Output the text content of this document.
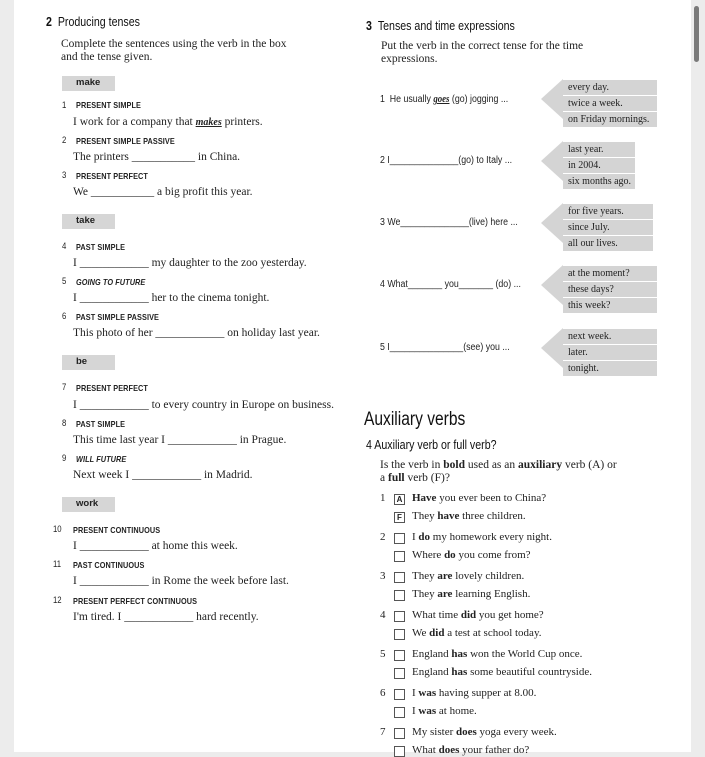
2 Producing tenses
Complete the sentences using the verb in the box
and the tense given.
make
1 PRESENT SIMPLE
I work for a company that makes printers.
2 PRESENT SIMPLE PASSIVE
The printers ___________ in China.
3 PRESENT PERFECT
We ___________ a big profit this year.
take
4 PAST SIMPLE
I ____________ my daughter to the zoo yesterday.
5 GOING TO FUTURE
I ____________ her to the cinema tonight.
6 PAST SIMPLE PASSIVE
This photo of her ____________ on holiday last year.
be
7 PRESENT PERFECT
I ____________ to every country in Europe on business.
8 PAST SIMPLE
This time last year I ____________ in Prague.
9 WILL FUTURE
Next week I ____________ in Madrid.
work
10 PRESENT CONTINUOUS
I ____________ at home this week.
11 PAST CONTINUOUS
I ____________ in Rome the week before last.
12 PRESENT PERFECT CONTINUOUS
I'm tired. I ____________ hard recently.
3 Tenses and time expressions
Put the verb in the correct tense for the time
expressions.
1 He usually goes (go) jogging ...
every day.
twice a week.
on Friday mornings.
2 I______________(go) to Italy ...
last year.
in 2004.
six months ago.
3 We______________(live) here ...
for five years.
since July.
all our lives.
4 What_______ you_______ (do) ...
at the moment?
these days?
this week?
5 I_______________(see) you ...
next week.
later.
tonight.
Auxiliary verbs
4 Auxiliary verb or full verb?
Is the verb in bold used as an auxiliary verb (A) or
a full verb (F)?
1	A Have you ever been to China?
F They have three children.
2 I do my homework every night.
Where do you come from?
3 They are lovely children.
They are learning English.
4 What time did you get home?
We did a test at school today.
5 England has won the World Cup once.
England has some beautiful countryside.
6 I was having supper at 8.00.
I was at home.
7 My sister does yoga every week.
What does your father do?
